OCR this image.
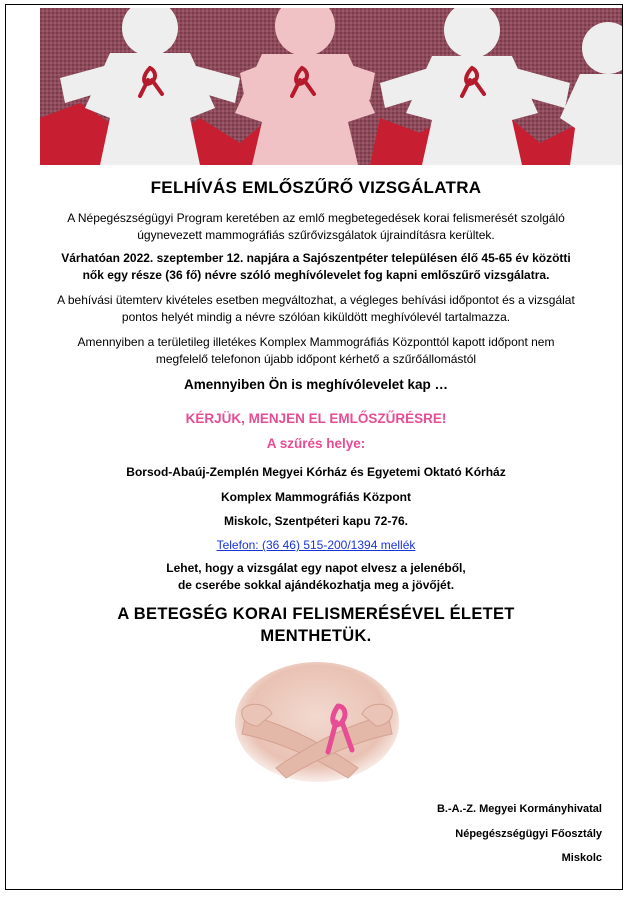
FELHÍVÁS EMLŐSZŰRŐ VIZSGÁLATRA
A Népegészségügyi Program keretében az emlő megbetegedések korai felismerését szolgáló
úgynevezett mammográfiás szűrővizsgálatok újraindításra kerültek.
Várhatóan 2022. szeptember 12. napjára a Sajószentpéter településen élő 45-65 év közötti
nők egy része (36 fő) névre szóló meghívólevelet fog kapni emlőszűrő vizsgálatra.
A behívási ütemterv kivételes esetben megváltozhat, a végleges behívási időpontot és a vizsgálat
pontos helyét mindig a névre szólóan kiküldött meghívólevél tartalmazza.
Amennyiben a területileg illetékes Komplex Mammográfiás Központtól kapott időpont nem
megfelelő telefonon újabb időpont kérhető a szűrőállomástól
Amennyiben Ön is meghívólevelet kap …
KÉRJÜK, MENJEN EL EMLŐSZŰRÉSRE!
A szűrés helye:
Borsod-Abaúj-Zemplén Megyei Kórház és Egyetemi Oktató Kórház
Komplex Mammográfiás Központ
Miskolc, Szentpéteri kapu 72-76.
Telefon: (36 46) 515-200/1394 mellék
Lehet, hogy a vizsgálat egy napot elvesz a jelenéből,
de cserébe sokkal ajándékozhatja meg a jövőjét.
A BETEGSÉG KORAI FELISMERÉSÉVEL ÉLETET
MENTHETÜK.
B.-A.-Z. Megyei Kormányhivatal
Népegészségügyi Főosztály
Miskolc
